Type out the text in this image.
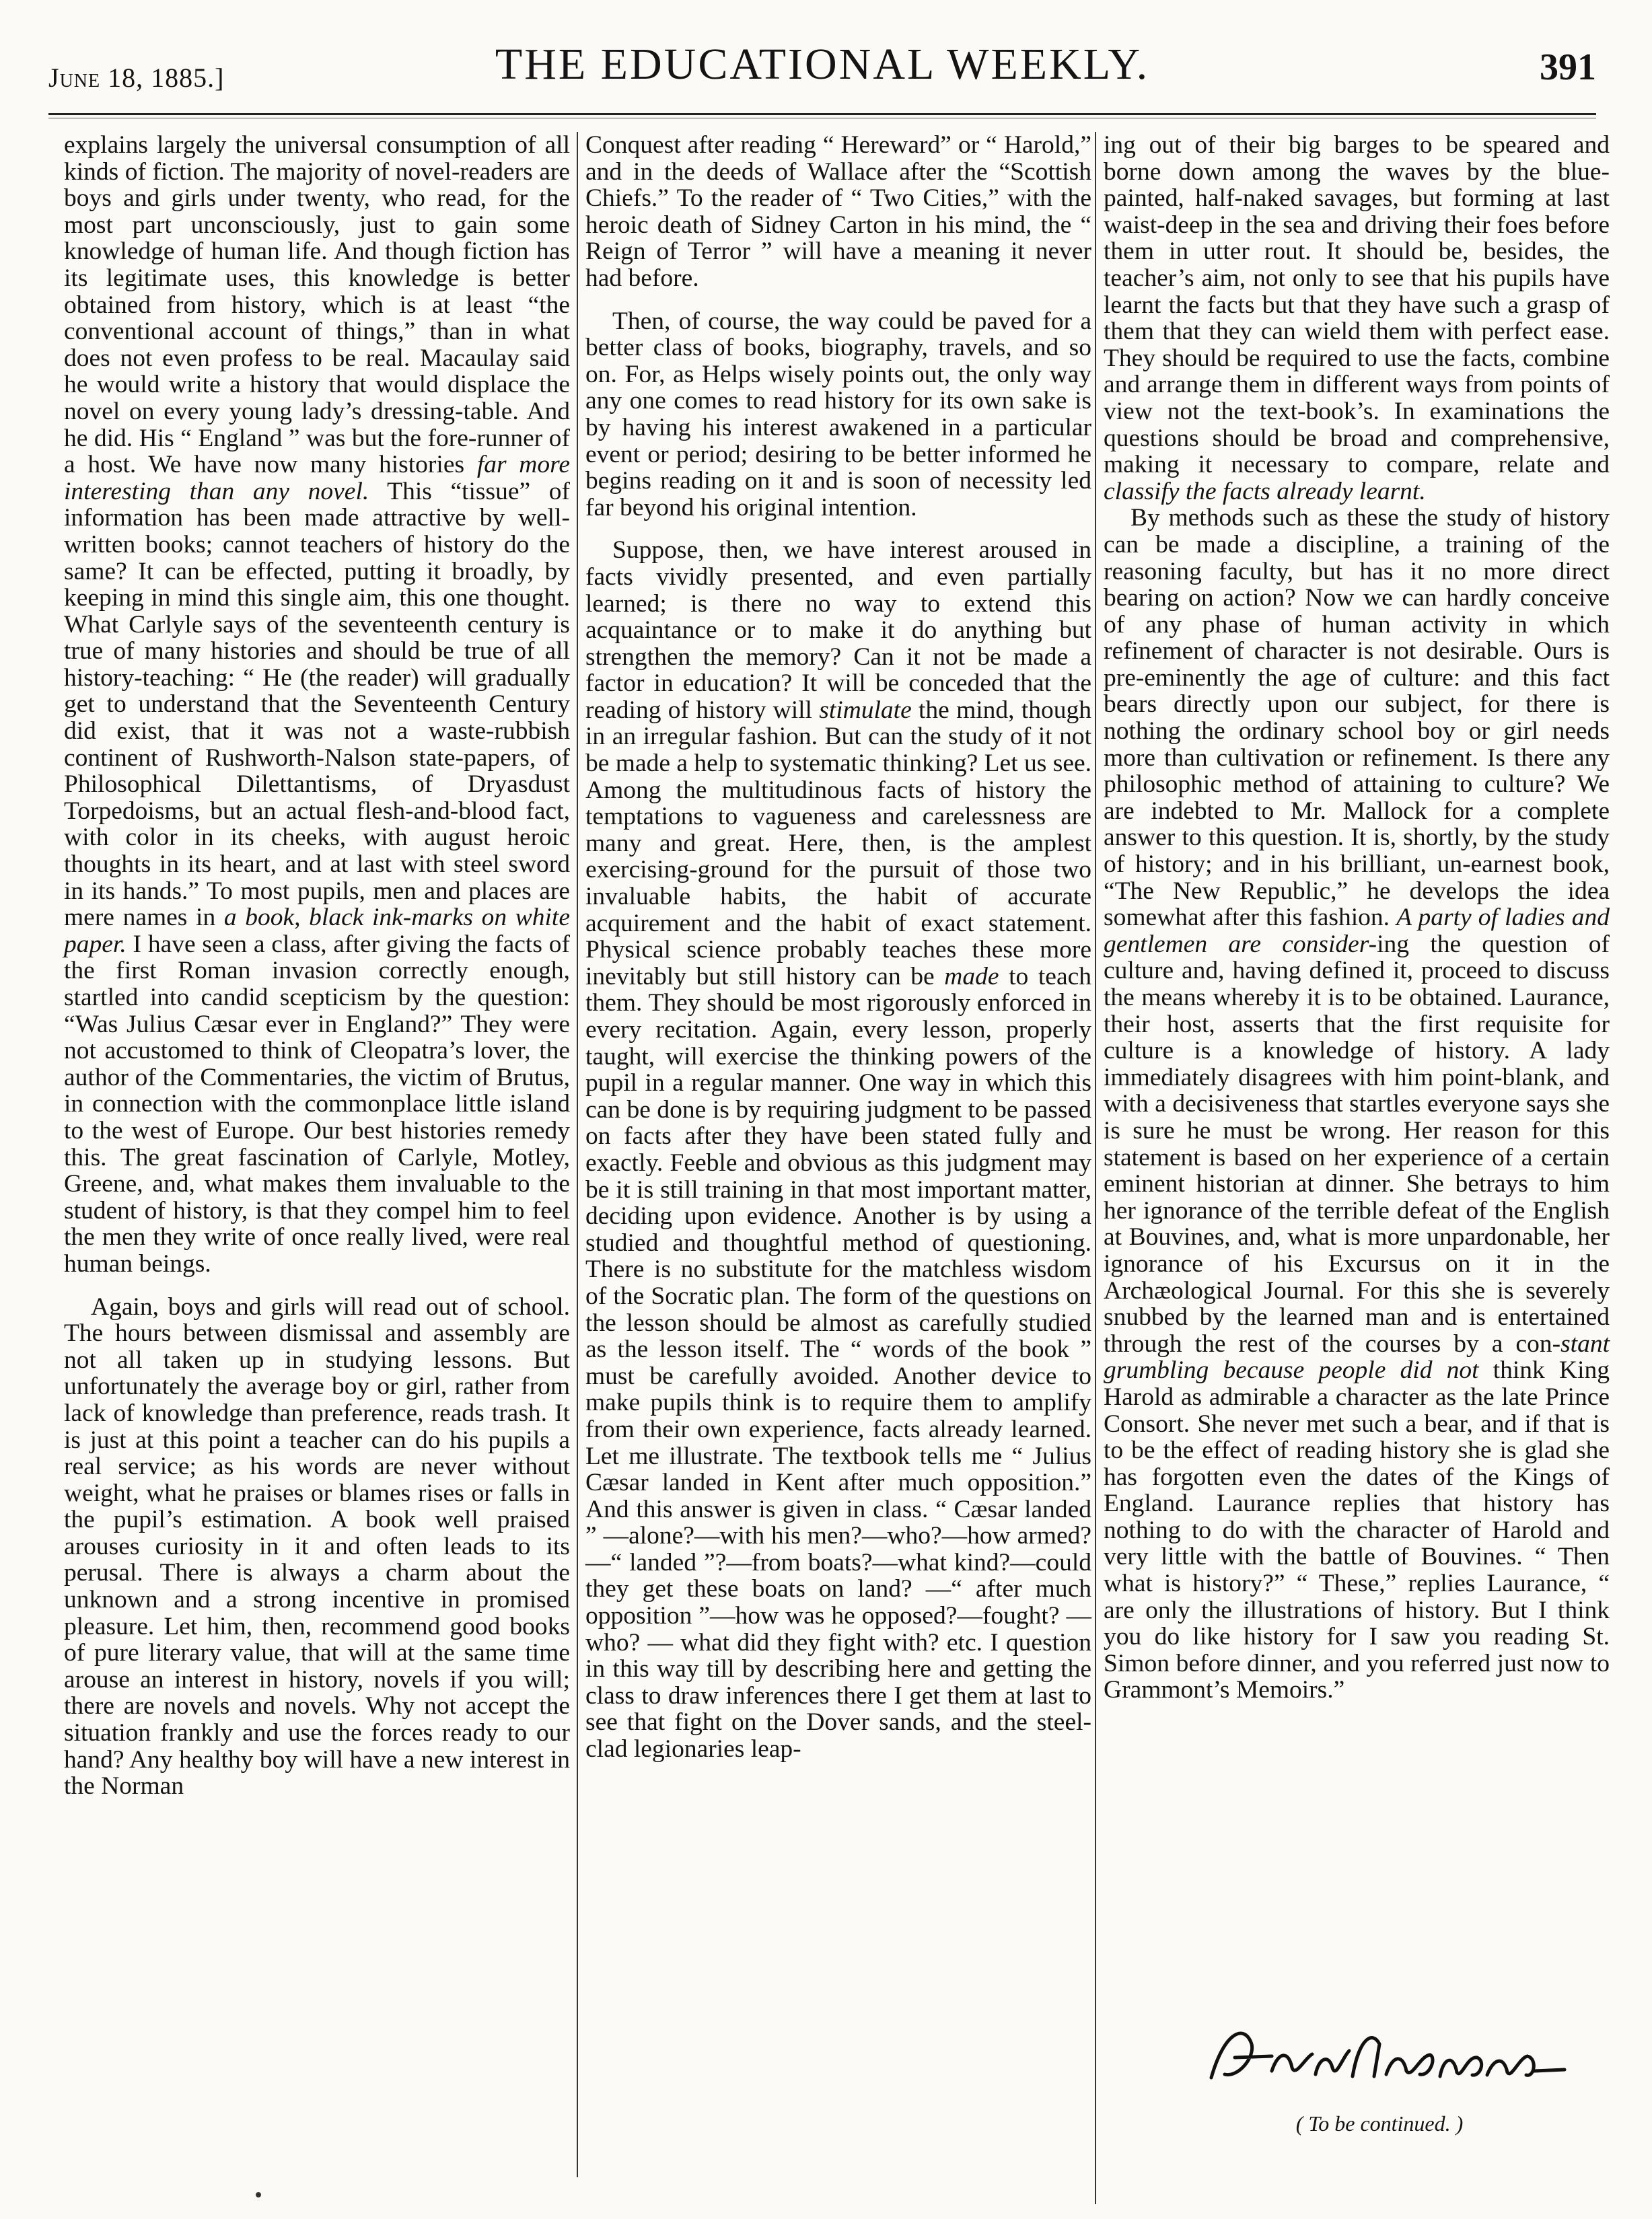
June 18, 1885.]	THE EDUCATIONAL WEEKLY.	391

explains largely the universal consumption of all kinds of fiction. The majority of novel-readers are boys and girls under twenty, who read, for the most part unconsciously, just to gain some knowledge of human life. And though fiction has its legitimate uses, this knowledge is better obtained from history, which is at least “the conventional account of things,” than in what does not even profess to be real. Macaulay said he would write a history that would displace the novel on every young lady’s dressing-table. And he did. His “ England ” was but the fore-runner of a host. We have now many histories far more interesting than any novel. This “tissue” of information has been made attractive by well-written books; cannot teachers of history do the same? It can be effected, putting it broadly, by keeping in mind this single aim, this one thought. What Carlyle says of the seventeenth century is true of many histories and should be true of all history-teaching: “ He (the reader) will gradually get to understand that the Seventeenth Century did exist, that it was not a waste-rubbish continent of Rushworth-Nalson state-papers, of Philosophical Dilettantisms, of Dryasdust Torpedoisms, but an actual flesh-and-blood fact, with color in its cheeks, with august heroic thoughts in its heart, and at last with steel sword in its hands.” To most pupils, men and places are mere names in a book, black ink-marks on white paper. I have seen a class, after giving the facts of the first Roman invasion correctly enough, startled into candid scepticism by the question: “Was Julius Cæsar ever in England?” They were not accustomed to think of Cleopatra’s lover, the author of the Commentaries, the victim of Brutus, in connection with the commonplace little island to the west of Europe. Our best histories remedy this. The great fascination of Carlyle, Motley, Greene, and, what makes them invaluable to the student of history, is that they compel him to feel the men they write of once really lived, were real human beings.

Again, boys and girls will read out of school. The hours between dismissal and assembly are not all taken up in studying lessons. But unfortunately the average boy or girl, rather from lack of knowledge than preference, reads trash. It is just at this point a teacher can do his pupils a real service; as his words are never without weight, what he praises or blames rises or falls in the pupil’s estimation. A book well praised arouses curiosity in it and often leads to its perusal. There is always a charm about the unknown and a strong incentive in promised pleasure. Let him, then, recommend good books of pure literary value, that will at the same time arouse an interest in history, novels if you will; there are novels and novels. Why not accept the situation frankly and use the forces ready to our hand? Any healthy boy will have a new interest in the Norman

Conquest after reading “ Hereward” or “ Harold,” and in the deeds of Wallace after the “Scottish Chiefs.” To the reader of “ Two Cities,” with the heroic death of Sidney Carton in his mind, the “ Reign of Terror ” will have a meaning it never had before.

Then, of course, the way could be paved for a better class of books, biography, travels, and so on. For, as Helps wisely points out, the only way any one comes to read history for its own sake is by having his interest awakened in a particular event or period; desiring to be better informed he begins reading on it and is soon of necessity led far beyond his original intention.

Suppose, then, we have interest aroused in facts vividly presented, and even partially learned; is there no way to extend this acquaintance or to make it do anything but strengthen the memory? Can it not be made a factor in education? It will be conceded that the reading of history will stimulate the mind, though in an irregular fashion. But can the study of it not be made a help to systematic thinking? Let us see. Among the multitudinous facts of history the temptations to vagueness and carelessness are many and great. Here, then, is the amplest exercising-ground for the pursuit of those two invaluable habits, the habit of accurate acquirement and the habit of exact statement. Physical science probably teaches these more inevitably but still history can be made to teach them. They should be most rigorously enforced in every recitation. Again, every lesson, properly taught, will exercise the thinking powers of the pupil in a regular manner. One way in which this can be done is by requiring judgment to be passed on facts after they have been stated fully and exactly. Feeble and obvious as this judgment may be it is still training in that most important matter, deciding upon evidence. Another is by using a studied and thoughtful method of questioning. There is no substitute for the matchless wisdom of the Socratic plan. The form of the questions on the lesson should be almost as carefully studied as the lesson itself. The “ words of the book ” must be carefully avoided. Another device to make pupils think is to require them to amplify from their own experience, facts already learned. Let me illustrate. The textbook tells me “ Julius Cæsar landed in Kent after much opposition.” And this answer is given in class. “ Cæsar landed ” —alone?—with his men?—who?—how armed?—“ landed ”?—from boats?—what kind?—could they get these boats on land? —“ after much opposition ”—how was he opposed?—fought? — who? — what did they fight with? etc. I question in this way till by describing here and getting the class to draw inferences there I get them at last to see that fight on the Dover sands, and the steel-clad legionaries leap-

ing out of their big barges to be speared and borne down among the waves by the blue-painted, half-naked savages, but forming at last waist-deep in the sea and driving their foes before them in utter rout. It should be, besides, the teacher’s aim, not only to see that his pupils have learnt the facts but that they have such a grasp of them that they can wield them with perfect ease. They should be required to use the facts, combine and arrange them in different ways from points of view not the text-book’s. In examinations the questions should be broad and comprehensive, making it necessary to compare, relate and classify the facts already learnt.

By methods such as these the study of history can be made a discipline, a training of the reasoning faculty, but has it no more direct bearing on action? Now we can hardly conceive of any phase of human activity in which refinement of character is not desirable. Ours is pre-eminently the age of culture: and this fact bears directly upon our subject, for there is nothing the ordinary school boy or girl needs more than cultivation or refinement. Is there any philosophic method of attaining to culture? We are indebted to Mr. Mallock for a complete answer to this question. It is, shortly, by the study of history; and in his brilliant, un-earnest book, “The New Republic,” he develops the idea somewhat after this fashion. A party of ladies and gentlemen are consider-ing the question of culture and, having defined it, proceed to discuss the means whereby it is to be obtained. Laurance, their host, asserts that the first requisite for culture is a knowledge of history. A lady immediately disagrees with him point-blank, and with a decisiveness that startles everyone says she is sure he must be wrong. Her reason for this statement is based on her experience of a certain eminent historian at dinner. She betrays to him her ignorance of the terrible defeat of the English at Bouvines, and, what is more unpardonable, her ignorance of his Excursus on it in the Archæological Journal. For this she is severely snubbed by the learned man and is entertained through the rest of the courses by a con-stant grumbling because people did not think King Harold as admirable a character as the late Prince Consort. She never met such a bear, and if that is to be the effect of reading history she is glad she has forgotten even the dates of the Kings of England. Laurance replies that history has nothing to do with the character of Harold and very little with the battle of Bouvines. “ Then what is history?” “ These,” replies Laurance, “ are only the illustrations of history. But I think you do like history for I saw you reading St. Simon before dinner, and you referred just now to Grammont’s Memoirs.”

Archd. MacMechan
( To be continued. )
